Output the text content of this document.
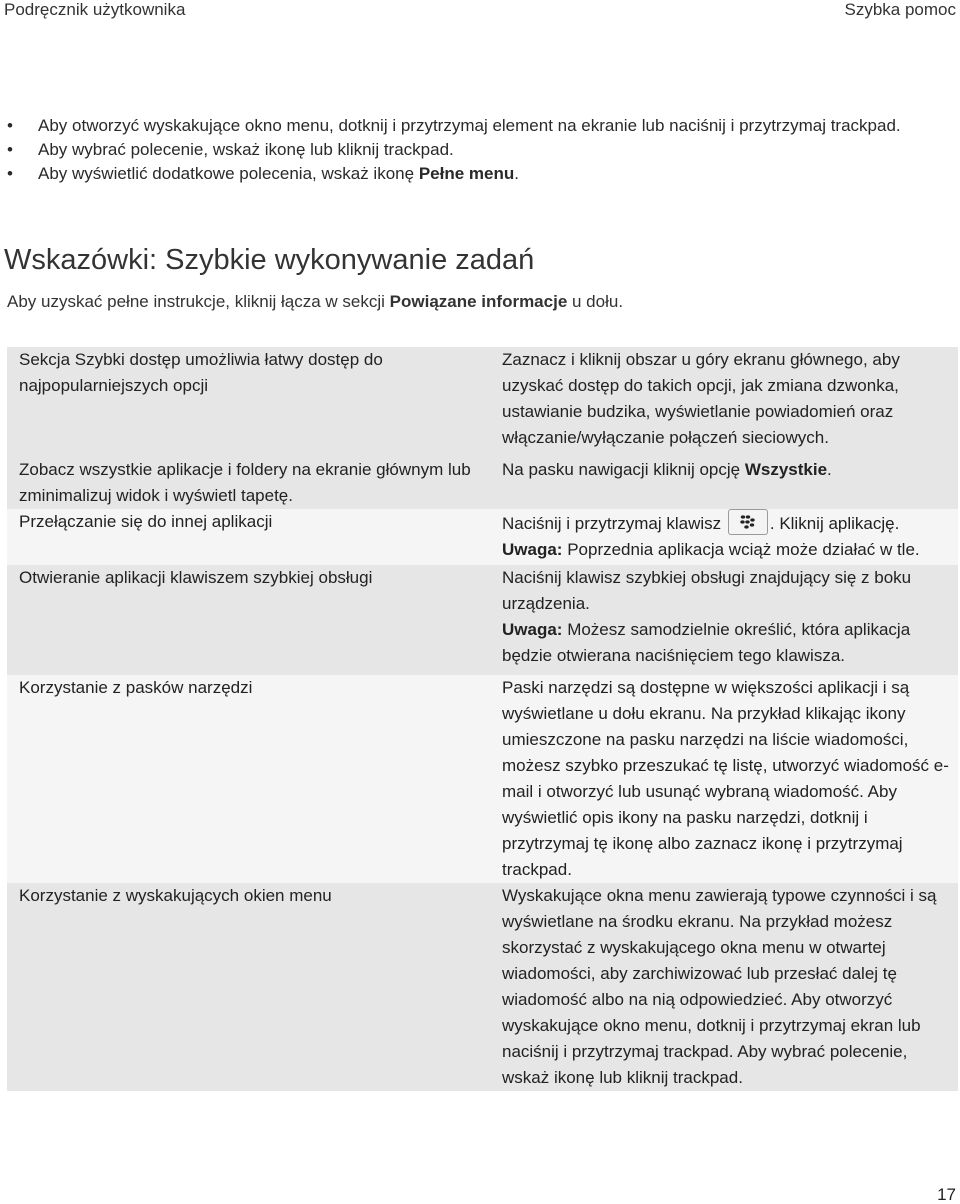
Podręcznik użytkownika	Szybka pomoc
• Aby otworzyć wyskakujące okno menu, dotknij i przytrzymaj element na ekranie lub naciśnij i przytrzymaj trackpad.
• Aby wybrać polecenie, wskaż ikonę lub kliknij trackpad.
• Aby wyświetlić dodatkowe polecenia, wskaż ikonę Pełne menu.
Wskazówki: Szybkie wykonywanie zadań
Aby uzyskać pełne instrukcje, kliknij łącza w sekcji Powiązane informacje u dołu.
Sekcja Szybki dostęp umożliwia łatwy dostęp do najpopularniejszych opcji	Zaznacz i kliknij obszar u góry ekranu głównego, aby uzyskać dostęp do takich opcji, jak zmiana dzwonka, ustawianie budzika, wyświetlanie powiadomień oraz włączanie/wyłączanie połączeń sieciowych.
Zobacz wszystkie aplikacje i foldery na ekranie głównym lub zminimalizuj widok i wyświetl tapetę.	Na pasku nawigacji kliknij opcję Wszystkie.
Przełączanie się do innej aplikacji	Naciśnij i przytrzymaj klawisz . Kliknij aplikację.
Uwaga: Poprzednia aplikacja wciąż może działać w tle.

Otwieranie aplikacji klawiszem szybkiej obsługi	Naciśnij klawisz szybkiej obsługi znajdujący się z boku urządzenia.
Uwaga: Możesz samodzielnie określić, która aplikacja będzie otwierana naciśnięciem tego klawisza.

Korzystanie z pasków narzędzi	Paski narzędzi są dostępne w większości aplikacji i są wyświetlane u dołu ekranu. Na przykład klikając ikony umieszczone na pasku narzędzi na liście wiadomości, możesz szybko przeszukać tę listę, utworzyć wiadomość e-mail i otworzyć lub usunąć wybraną wiadomość. Aby wyświetlić opis ikony na pasku narzędzi, dotknij i przytrzymaj tę ikonę albo zaznacz ikonę i przytrzymaj trackpad.
Korzystanie z wyskakujących okien menu	Wyskakujące okna menu zawierają typowe czynności i są wyświetlane na środku ekranu. Na przykład możesz skorzystać z wyskakującego okna menu w otwartej wiadomości, aby zarchiwizować lub przesłać dalej tę wiadomość albo na nią odpowiedzieć. Aby otworzyć wyskakujące okno menu, dotknij i przytrzymaj ekran lub naciśnij i przytrzymaj trackpad. Aby wybrać polecenie, wskaż ikonę lub kliknij trackpad.
17
